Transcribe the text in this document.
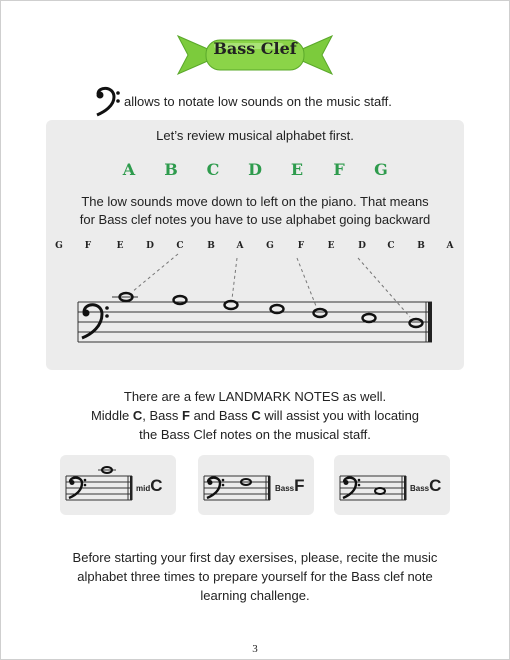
Bass Clef
allows to notate low sounds on the music staff.
Let’s review musical alphabet first.
A B C D E F G
The low sounds move down to left on the piano. That means
for Bass clef notes you have to use alphabet going backward
G	F	E	D	C	B	A	G	F	E	D	C	B	A
There are a few LANDMARK NOTES as well.
Middle C, Bass F and Bass C will assist you with locating
the Bass Clef notes on the musical staff.
midC	BassF	BassC
Before starting your first day exersises, please, recite the music
alphabet three times to prepare yourself for the Bass clef note
learning challenge.
3
